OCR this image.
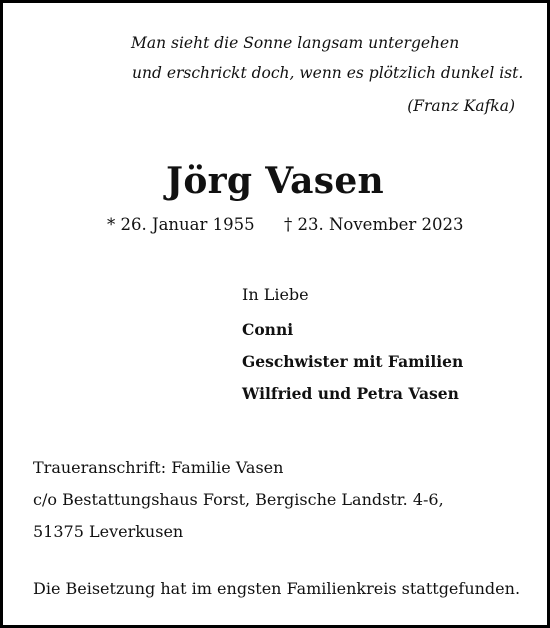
Man sieht die Sonne langsam untergehen
und erschrickt doch, wenn es plötzlich dunkel ist.
(Franz Kafka)
Jörg Vasen
* 26. Januar 1955 † 23. November 2023
In Liebe
Conni
Geschwister mit Familien
Wilfried und Petra Vasen
Traueranschrift: Familie Vasen
c/o Bestattungshaus Forst, Bergische Landstr. 4-6,
51375 Leverkusen
Die Beisetzung hat im engsten Familienkreis stattgefunden.
